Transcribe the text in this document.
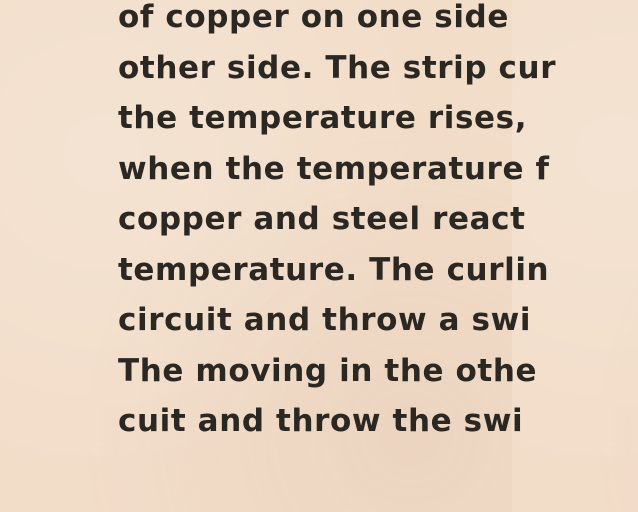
of copper on one side
other side. The strip cur
the temperature rises,
when the temperature f
copper and steel react
temperature. The curlin
circuit and throw a swi
The moving in the othe
cuit and throw the swi
